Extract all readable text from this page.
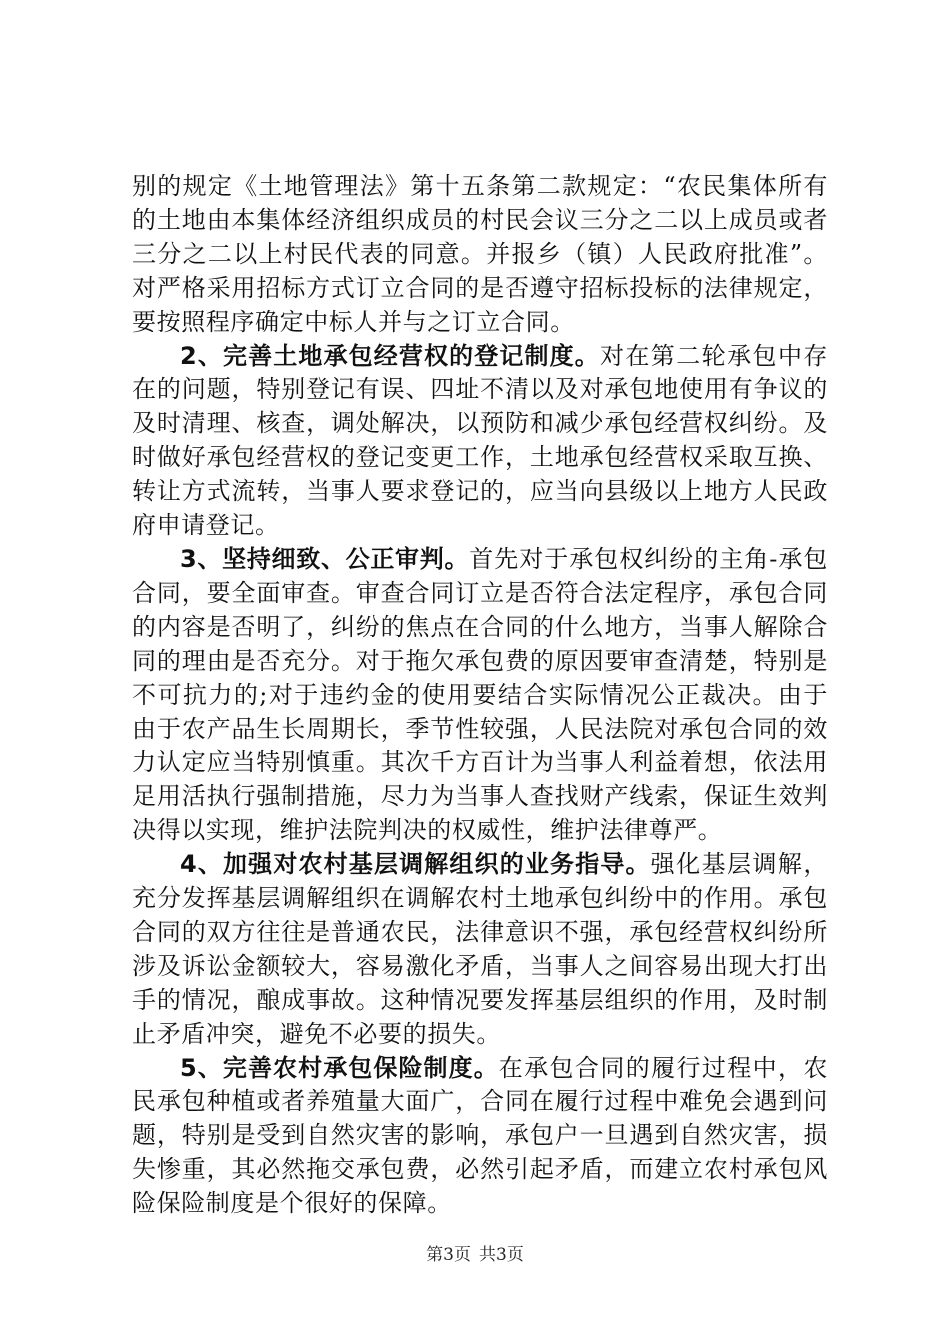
别的规定《土地管理法》第十五条第二款规定：“农民集体所有的土地由本集体经济组织成员的村民会议三分之二以上成员或者三分之二以上村民代表的同意。并报乡（镇）人民政府批准”。对严格采用招标方式订立合同的是否遵守招标投标的法律规定，要按照程序确定中标人并与之订立合同。

2、完善土地承包经营权的登记制度。对在第二轮承包中存在的问题，特别登记有误、四址不清以及对承包地使用有争议的及时清理、核查，调处解决，以预防和减少承包经营权纠纷。及时做好承包经营权的登记变更工作，土地承包经营权采取互换、转让方式流转，当事人要求登记的，应当向县级以上地方人民政府申请登记。

3、坚持细致、公正审判。首先对于承包权纠纷的主角-承包合同，要全面审查。审查合同订立是否符合法定程序，承包合同的内容是否明了，纠纷的焦点在合同的什么地方，当事人解除合同的理由是否充分。对于拖欠承包费的原因要审查清楚，特别是不可抗力的;对于违约金的使用要结合实际情况公正裁决。由于由于农产品生长周期长，季节性较强，人民法院对承包合同的效力认定应当特别慎重。其次千方百计为当事人利益着想，依法用足用活执行强制措施，尽力为当事人查找财产线索，保证生效判决得以实现，维护法院判决的权威性，维护法律尊严。

4、加强对农村基层调解组织的业务指导。强化基层调解，充分发挥基层调解组织在调解农村土地承包纠纷中的作用。承包合同的双方往往是普通农民，法律意识不强，承包经营权纠纷所涉及诉讼金额较大，容易激化矛盾，当事人之间容易出现大打出手的情况，酿成事故。这种情况要发挥基层组织的作用，及时制止矛盾冲突，避免不必要的损失。

5、完善农村承包保险制度。在承包合同的履行过程中，农民承包种植或者养殖量大面广，合同在履行过程中难免会遇到问题，特别是受到自然灾害的影响，承包户一旦遇到自然灾害，损失惨重，其必然拖交承包费，必然引起矛盾，而建立农村承包风险保险制度是个很好的保障。

第3页 共3页
